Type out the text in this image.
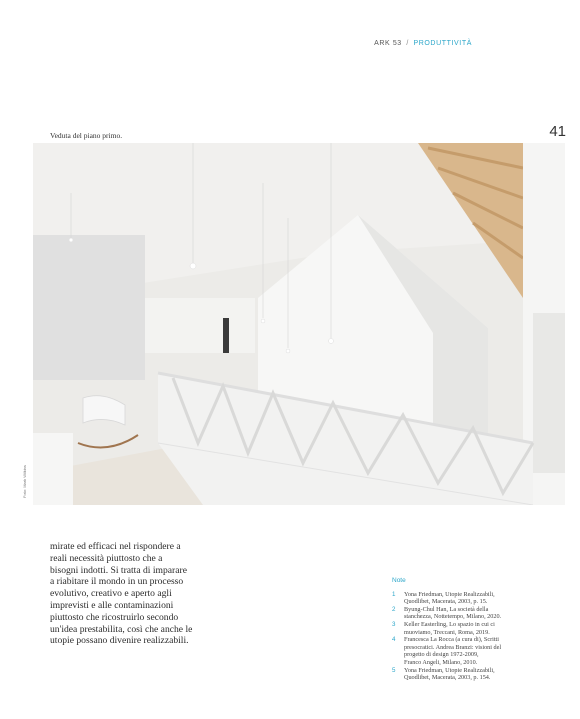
ARK 53 / PRODUTTIVITÀ
Veduta del piano primo.	41
Foto: Mark Wilkins
mirate ed efficaci nel rispondere a
reali necessità piuttosto che a
bisogni indotti. Si tratta di imparare
a riabitare il mondo in un processo
evolutivo, creativo e aperto agli
imprevisti e alle contaminazioni
piuttosto che ricostruirlo secondo
un'idea prestabilita, così che anche le
utopie possano divenire realizzabili.
Note
1	Yona Friedman, Utopie Realizzabili,
Quodlibet, Macerata, 2003, p. 15.
2	Byung-Chul Han, La società della
stanchezza, Nottetempo, Milano, 2020.
3	Keller Easterling, Lo spazio in cui ci
muoviamo, Treccani, Roma, 2019.
4	Francesca La Rocca (a cura di), Scritti
presocratici. Andrea Branzi: visioni del
progetto di design 1972-2009,
Franco Angeli, Milano, 2010.
5	Yona Friedman, Utopie Realizzabili,
Quodlibet, Macerata, 2003, p. 154.
